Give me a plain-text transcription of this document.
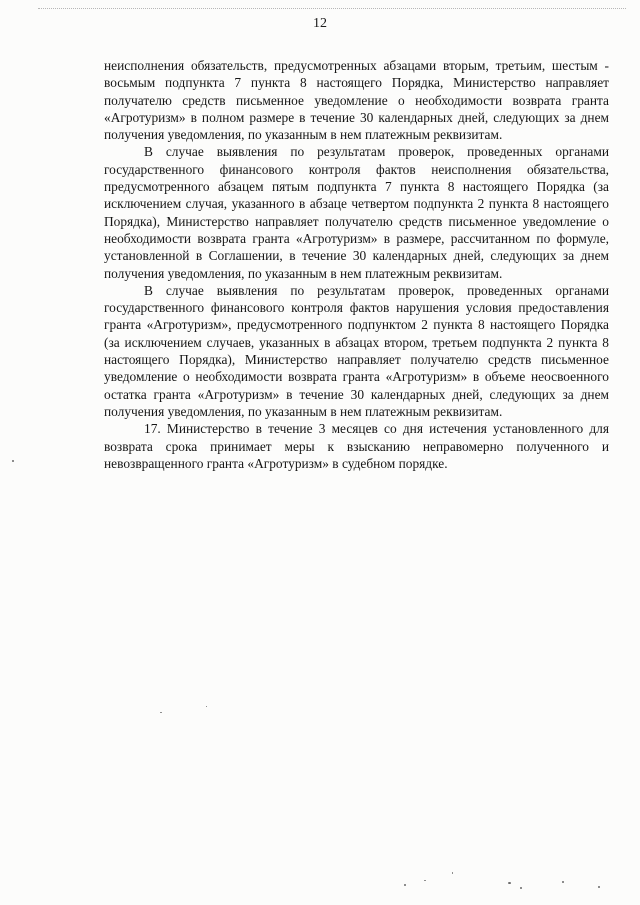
12

неисполнения обязательств, предусмотренных абзацами вторым, третьим, шестым - восьмым подпункта 7 пункта 8 настоящего Порядка, Министерство направляет получателю средств письменное уведомление о необходимости возврата гранта «Агротуризм» в полном размере в течение 30 календарных дней, следующих за днем получения уведомления, по указанным в нем платежным реквизитам.

В случае выявления по результатам проверок, проведенных органами государственного финансового контроля фактов неисполнения обязательства, предусмотренного абзацем пятым подпункта 7 пункта 8 настоящего Порядка (за исключением случая, указанного в абзаце четвертом подпункта 2 пункта 8 настоящего Порядка), Министерство направляет получателю средств письменное уведомление о необходимости возврата гранта «Агротуризм» в размере, рассчитанном по формуле, установленной в Соглашении, в течение 30 календарных дней, следующих за днем получения уведомления, по указанным в нем платежным реквизитам.

В случае выявления по результатам проверок, проведенных органами государственного финансового контроля фактов нарушения условия предоставления гранта «Агротуризм», предусмотренного подпунктом 2 пункта 8 настоящего Порядка (за исключением случаев, указанных в абзацах втором, третьем подпункта 2 пункта 8 настоящего Порядка), Министерство направляет получателю средств письменное уведомление о необходимости возврата гранта «Агротуризм» в объеме неосвоенного остатка гранта «Агротуризм» в течение 30 календарных дней, следующих за днем получения уведомления, по указанным в нем платежным реквизитам.

17. Министерство в течение 3 месяцев со дня истечения установленного для возврата срока принимает меры к взысканию неправомерно полученного и невозвращенного гранта «Агротуризм» в судебном порядке.
